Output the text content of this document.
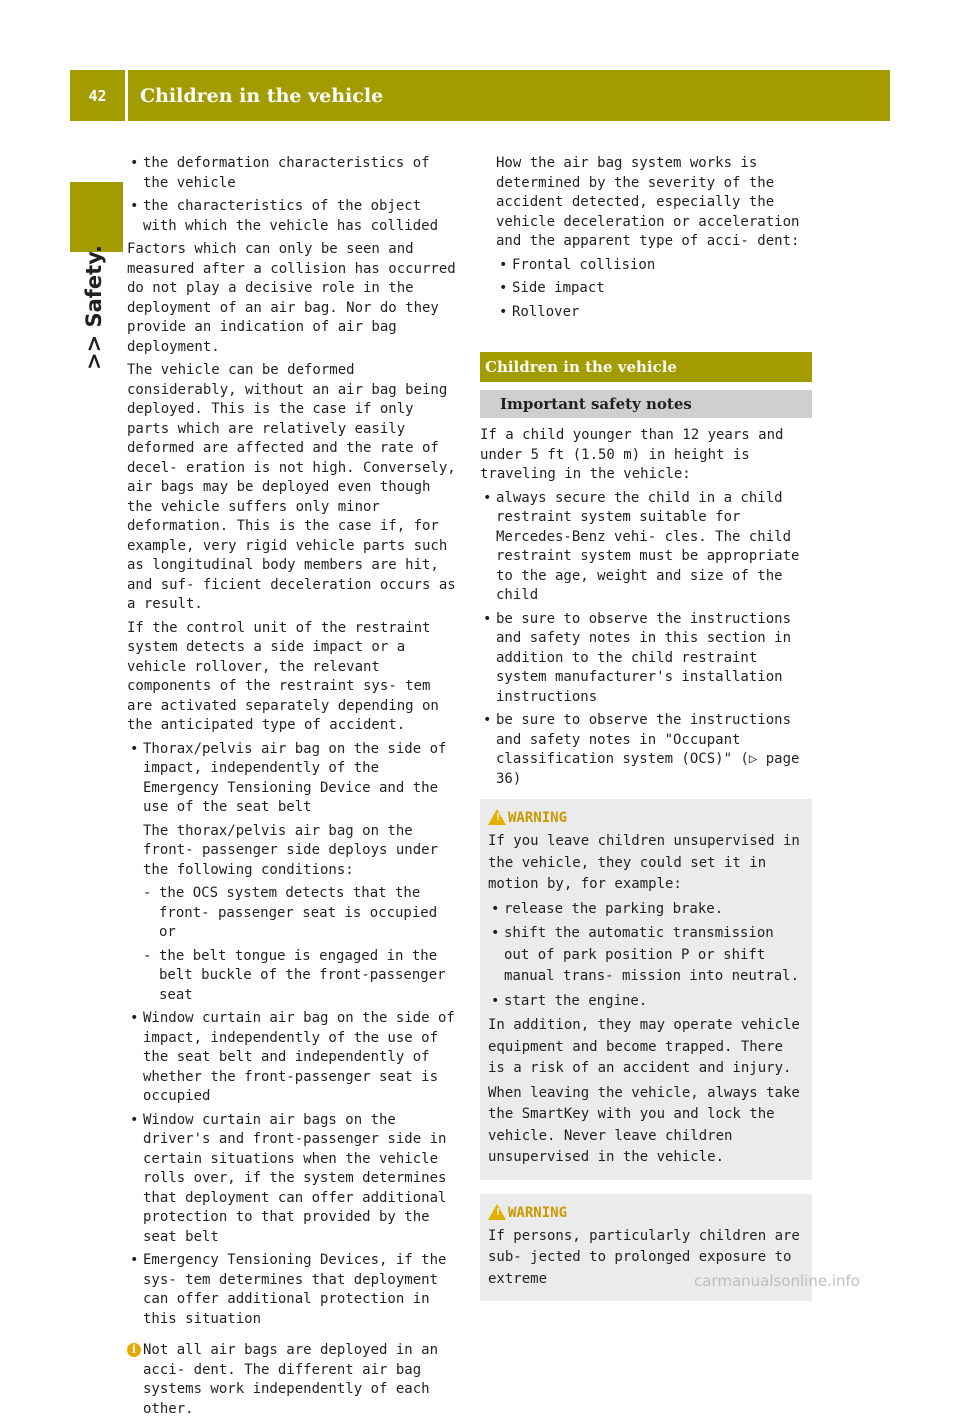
42	Children in the vehicle
>> Safety.
• the deformation characteristics of the vehicle
• the characteristics of the object with which the vehicle has collided

Factors which can only be seen and measured after a collision has occurred do not play a decisive role in the deployment of an air bag. Nor do they provide an indication of air bag deployment.

The vehicle can be deformed considerably, without an air bag being deployed. This is the case if only parts which are relatively easily deformed are affected and the rate of decel- eration is not high. Conversely, air bags may be deployed even though the vehicle suffers only minor deformation. This is the case if, for example, very rigid vehicle parts such as longitudinal body members are hit, and suf- ficient deceleration occurs as a result.

If the control unit of the restraint system detects a side impact or a vehicle rollover, the relevant components of the restraint sys- tem are activated separately depending on the anticipated type of accident.

• Thorax/pelvis air bag on the side of impact, independently of the Emergency Tensioning Device and the use of the seat belt

The thorax/pelvis air bag on the front- passenger side deploys under the following conditions:

- the OCS system detects that the front- passenger seat is occupied or
- the belt tongue is engaged in the belt buckle of the front-passenger seat
• Window curtain air bag on the side of impact, independently of the use of the seat belt and independently of whether the front-passenger seat is occupied
• Window curtain air bags on the driver's and front-passenger side in certain situations when the vehicle rolls over, if the system determines that deployment can offer additional protection to that provided by the seat belt
• Emergency Tensioning Devices, if the sys- tem determines that deployment can offer additional protection in this situation
i Not all air bags are deployed in an acci- dent. The different air bag systems work independently of each other.

How the air bag system works is determined by the severity of the accident detected, especially the vehicle deceleration or acceleration and the apparent type of acci- dent:

• Frontal collision
• Side impact
• Rollover
Children in the vehicle
Important safety notes

If a child younger than 12 years and under 5 ft (1.50 m) in height is traveling in the vehicle:

• always secure the child in a child restraint system suitable for Mercedes-Benz vehi- cles. The child restraint system must be appropriate to the age, weight and size of the child
• be sure to observe the instructions and safety notes in this section in addition to the child restraint system manufacturer's installation instructions
• be sure to observe the instructions and safety notes in "Occupant classification system (OCS)" (▷ page 36)
! WARNING

If you leave children unsupervised in the vehicle, they could set it in motion by, for example:

• release the parking brake.
• shift the automatic transmission out of park position P or shift manual trans- mission into neutral.
• start the engine.

In addition, they may operate vehicle equipment and become trapped. There is a risk of an accident and injury.

When leaving the vehicle, always take the SmartKey with you and lock the vehicle. Never leave children unsupervised in the vehicle.

! WARNING

If persons, particularly children are sub- jected to prolonged exposure to extreme	carmanualsonline.info
